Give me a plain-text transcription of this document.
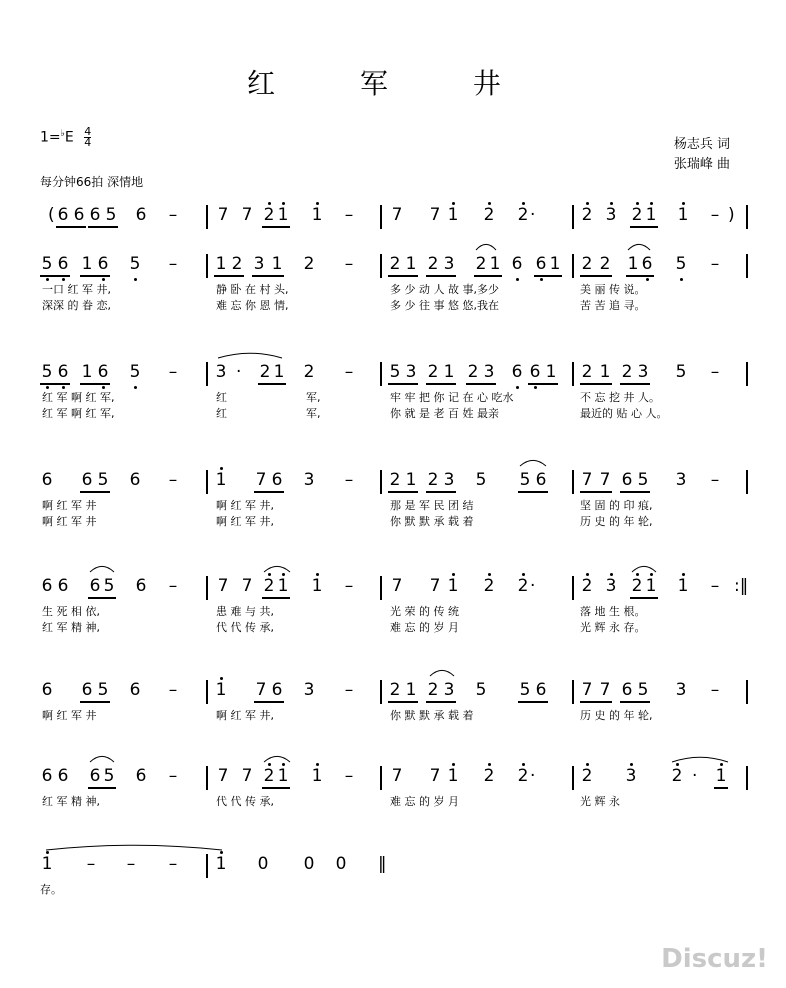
红 军 井
$1=^♭E \frac{4}{4}$
每分钟66拍 深情地
杨志兵 词
张瑞峰 曲
( 6 6 6 5 6 – 7 7 2 1 1 – 7 7 1 2 2 ·	2 3 2 1 1 – )
5 6 1 6 5 – 1 2 3 1 2 – 2 1 2 3 2 1 6 6 1 2 2 1 6 5 –
一口 红 军 井,	静 卧 在 村 头,	多 少 动 人 故 事,多少	美 丽 传 说。
深深 的 眷 恋,	难 忘 你 恩 情,	多 少 往 事 悠 悠,我在	苦 苦 追 寻。
5 6 1 6 5 – 3 · 2 1 2 – 5 3 2 1 2 3 6 6 1 2 1 2 3 5 –
红 军 啊 红 军,	红	军,	牢 牢 把 你 记 在 心 吃水	不 忘 挖 井 人。
红 军 啊 红 军,	红	军,	你 就 是 老 百 姓 最亲	最近的 贴 心 人。
6 6 5 6 – 1 7 6 3 – 2 1 2 3 5 5 6 7 7 6 5 3 –
啊 红 军 井	啊 红 军 井,	那 是 军 民 团 结	坚 固 的 印 痕,
啊 红 军 井	啊 红 军 井,	你 默 默 承 载 着	历 史 的 年 轮,
6 6 6 5 6 – 7 7 2 1 1 – 7 7 1 2 2 ·	2 3 2 1 1 – :‖
生 死 相 依,	患 难 与 共,	光 荣 的 传 统	落 地 生 根。
红 军 精 神,	代 代 传 承,	难 忘 的 岁 月	光 辉 永 存。
6 6 5 6 – 1 7 6 3 – 2 1 2 3 5 5 6 7 7 6 5 3 –
啊 红 军 井	啊 红 军 井,	你 默 默 承 载 着	历 史 的 年 轮,
6 6 6 5 6 – 7 7 2 1 1 – 7 7 1 2 2 ·	2 3 2 · 1
红 军 精 神,	代 代 传 承,	难 忘 的 岁 月	光 辉 永
1 – – – 1 0 0 0 ‖
存。
Discuz!
